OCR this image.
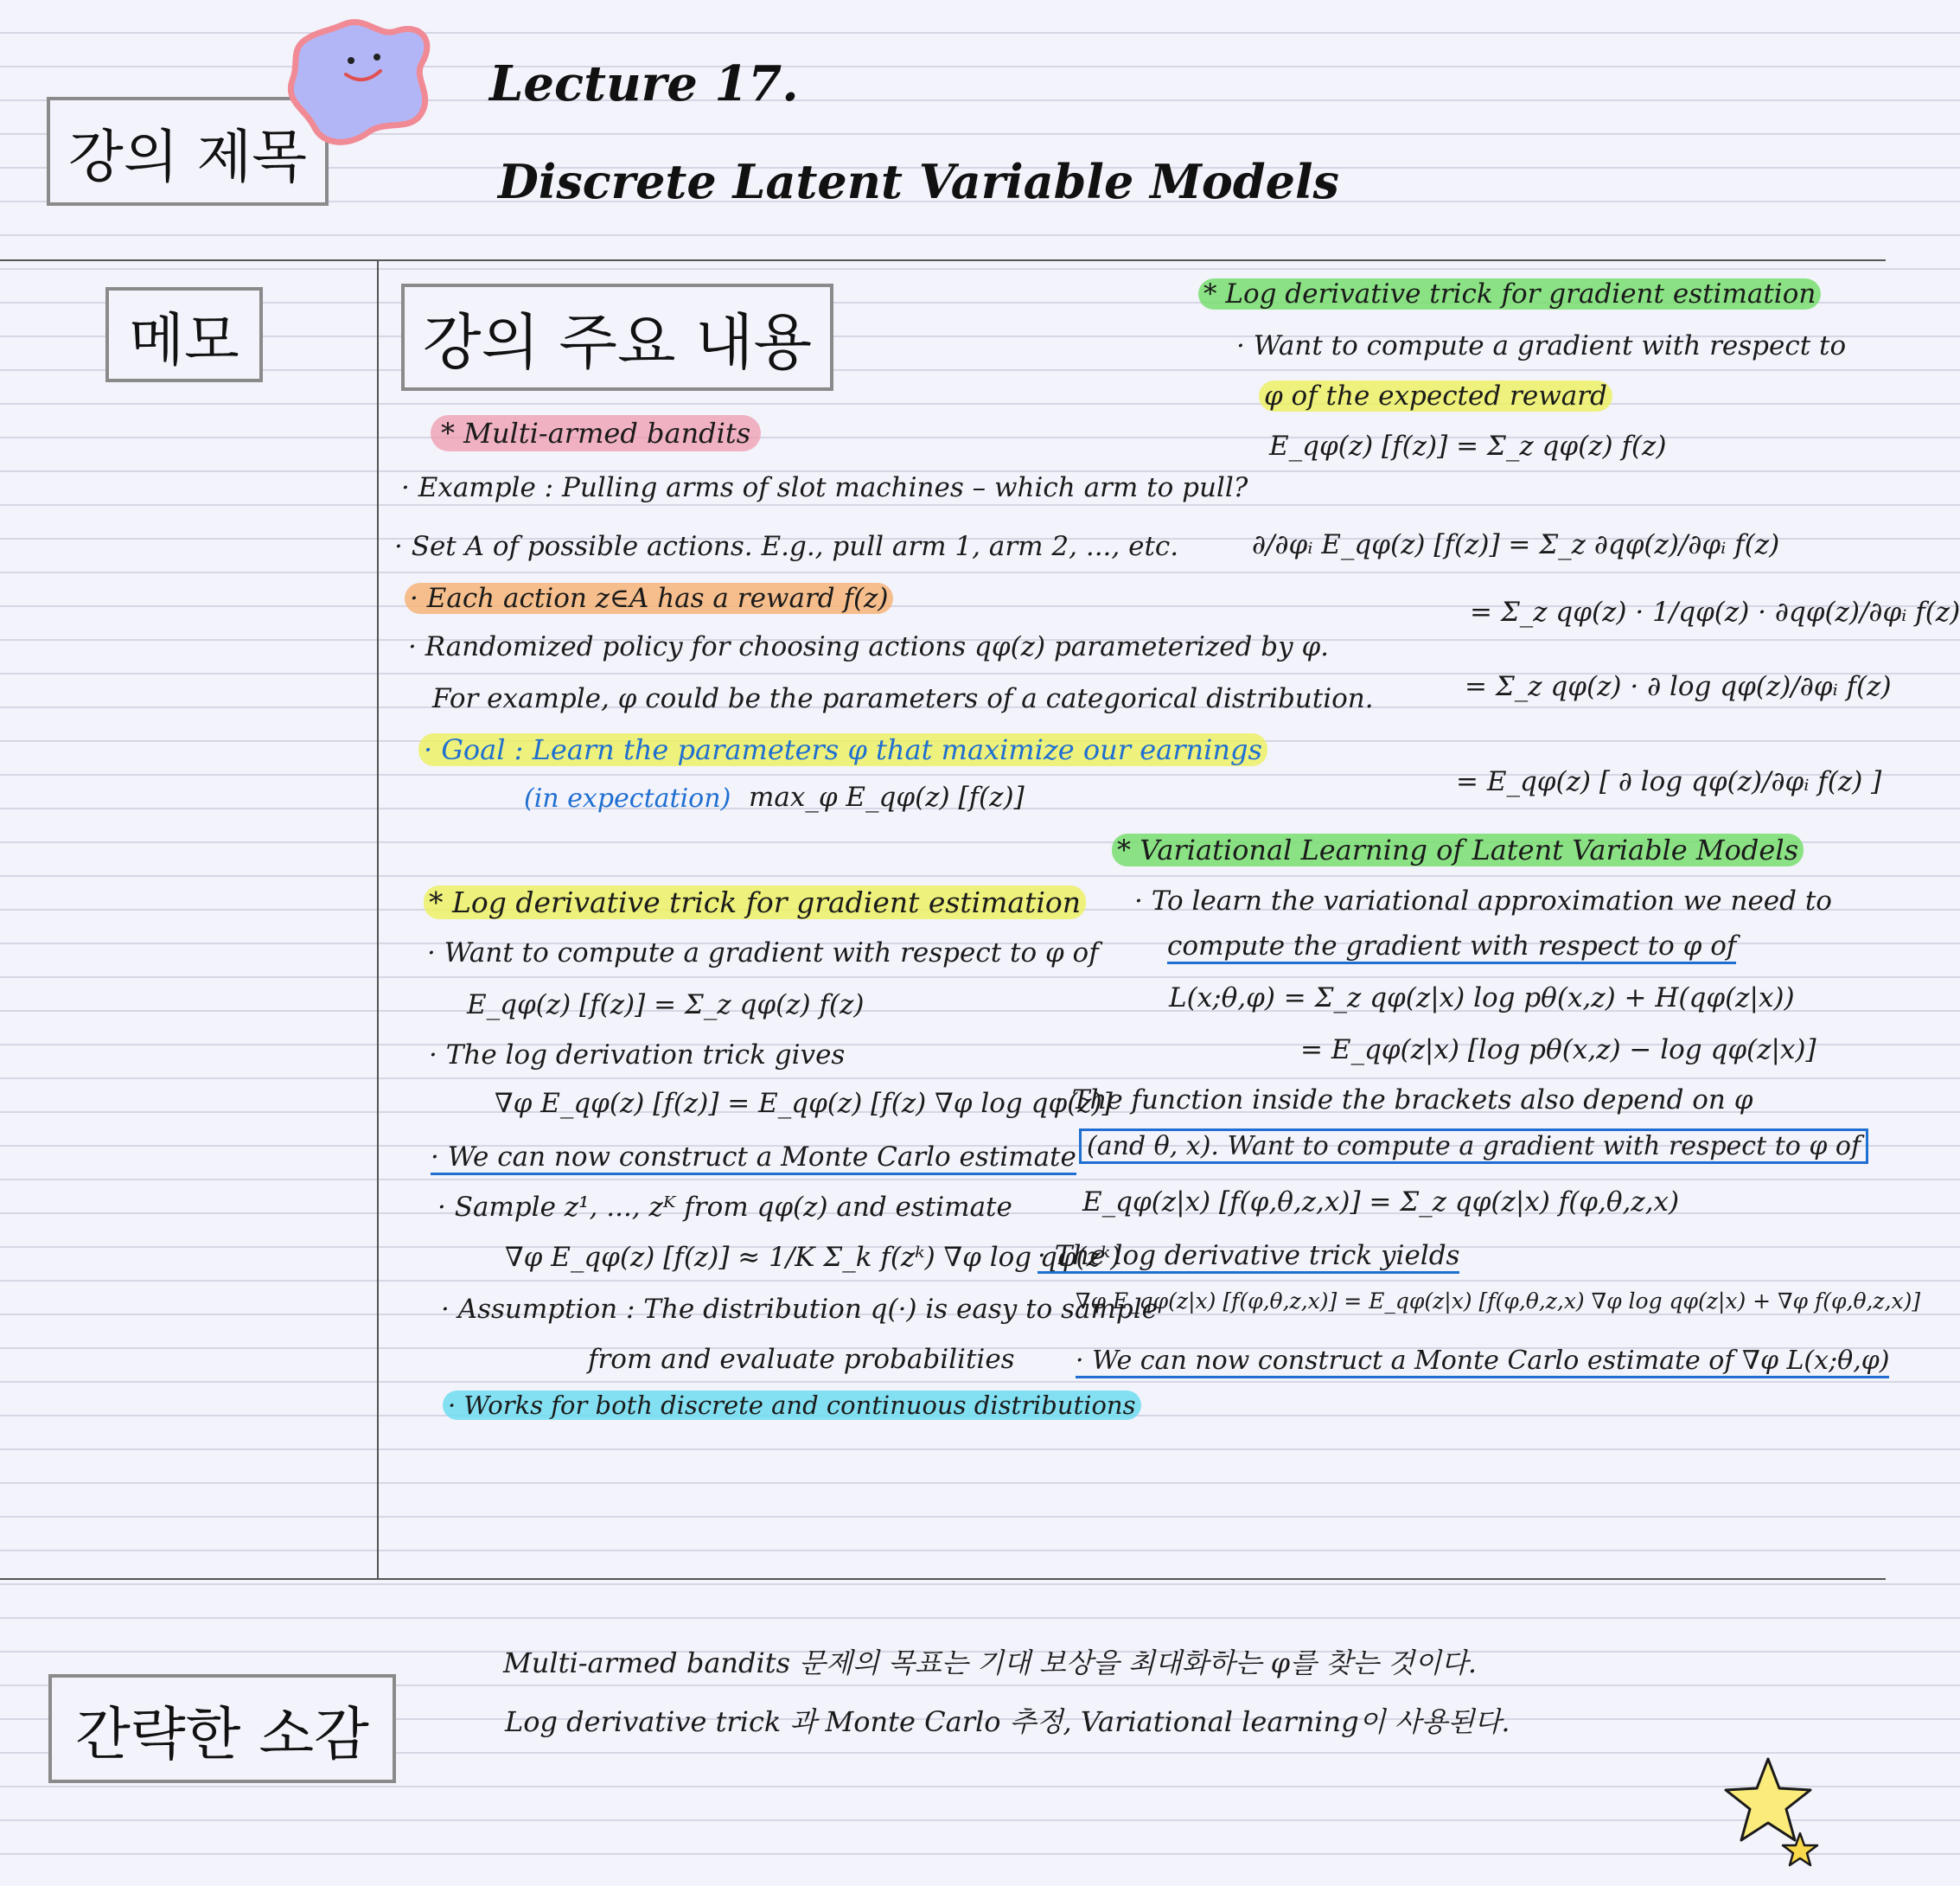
강의 제목
Lecture 17.
Discrete Latent Variable Models
메모	강의 주요 내용
* Multi-armed bandits
· Example : Pulling arms of slot machines – which arm to pull?
· Set A of possible actions. E.g., pull arm 1, arm 2, ..., etc.
· Each action z∈A has a reward f(z)
· Randomized policy for choosing actions qφ(z) parameterized by φ.
For example, φ could be the parameters of a categorical distribution.
· Goal : Learn the parameters φ that maximize our earnings
(in expectation) max_φ E_qφ(z) [f(z)]
* Log derivative trick for gradient estimation
· Want to compute a gradient with respect to φ of
E_qφ(z) [f(z)] = Σ_z qφ(z) f(z)
· The log derivation trick gives
∇φ E_qφ(z) [f(z)] = E_qφ(z) [f(z) ∇φ log qφ(z)]
· We can now construct a Monte Carlo estimate
· Sample z¹, ..., zᴷ from qφ(z) and estimate
∇φ E_qφ(z) [f(z)] ≈ 1/K Σ_k f(zᵏ) ∇φ log qφ(zᵏ)
· Assumption : The distribution q(·) is easy to sample
from and evaluate probabilities
· Works for both discrete and continuous distributions
* Log derivative trick for gradient estimation
· Want to compute a gradient with respect to
φ of the expected reward
E_qφ(z) [f(z)] = Σ_z qφ(z) f(z)
∂/∂φᵢ E_qφ(z) [f(z)] = Σ_z ∂qφ(z)/∂φᵢ f(z)
= Σ_z qφ(z) · 1/qφ(z) · ∂qφ(z)/∂φᵢ f(z)
= Σ_z qφ(z) · ∂ log qφ(z)/∂φᵢ f(z)
= E_qφ(z) [ ∂ log qφ(z)/∂φᵢ f(z) ]
* Variational Learning of Latent Variable Models
· To learn the variational approximation we need to
compute the gradient with respect to φ of
L(x;θ,φ) = Σ_z qφ(z|x) log pθ(x,z) + H(qφ(z|x))
= E_qφ(z|x) [log pθ(x,z) − log qφ(z|x)]
· The function inside the brackets also depend on φ
(and θ, x). Want to compute a gradient with respect to φ of
E_qφ(z|x) [f(φ,θ,z,x)] = Σ_z qφ(z|x) f(φ,θ,z,x)
· The log derivative trick yields
∇φ E_qφ(z|x) [f(φ,θ,z,x)] = E_qφ(z|x) [f(φ,θ,z,x) ∇φ log qφ(z|x) + ∇φ f(φ,θ,z,x)]
· We can now construct a Monte Carlo estimate of ∇φ L(x;θ,φ)
간략한 소감
Multi-armed bandits 문제의 목표는 기대 보상을 최대화하는 φ를 찾는 것이다.
Log derivative trick 과 Monte Carlo 추정, Variational learning이 사용된다.
